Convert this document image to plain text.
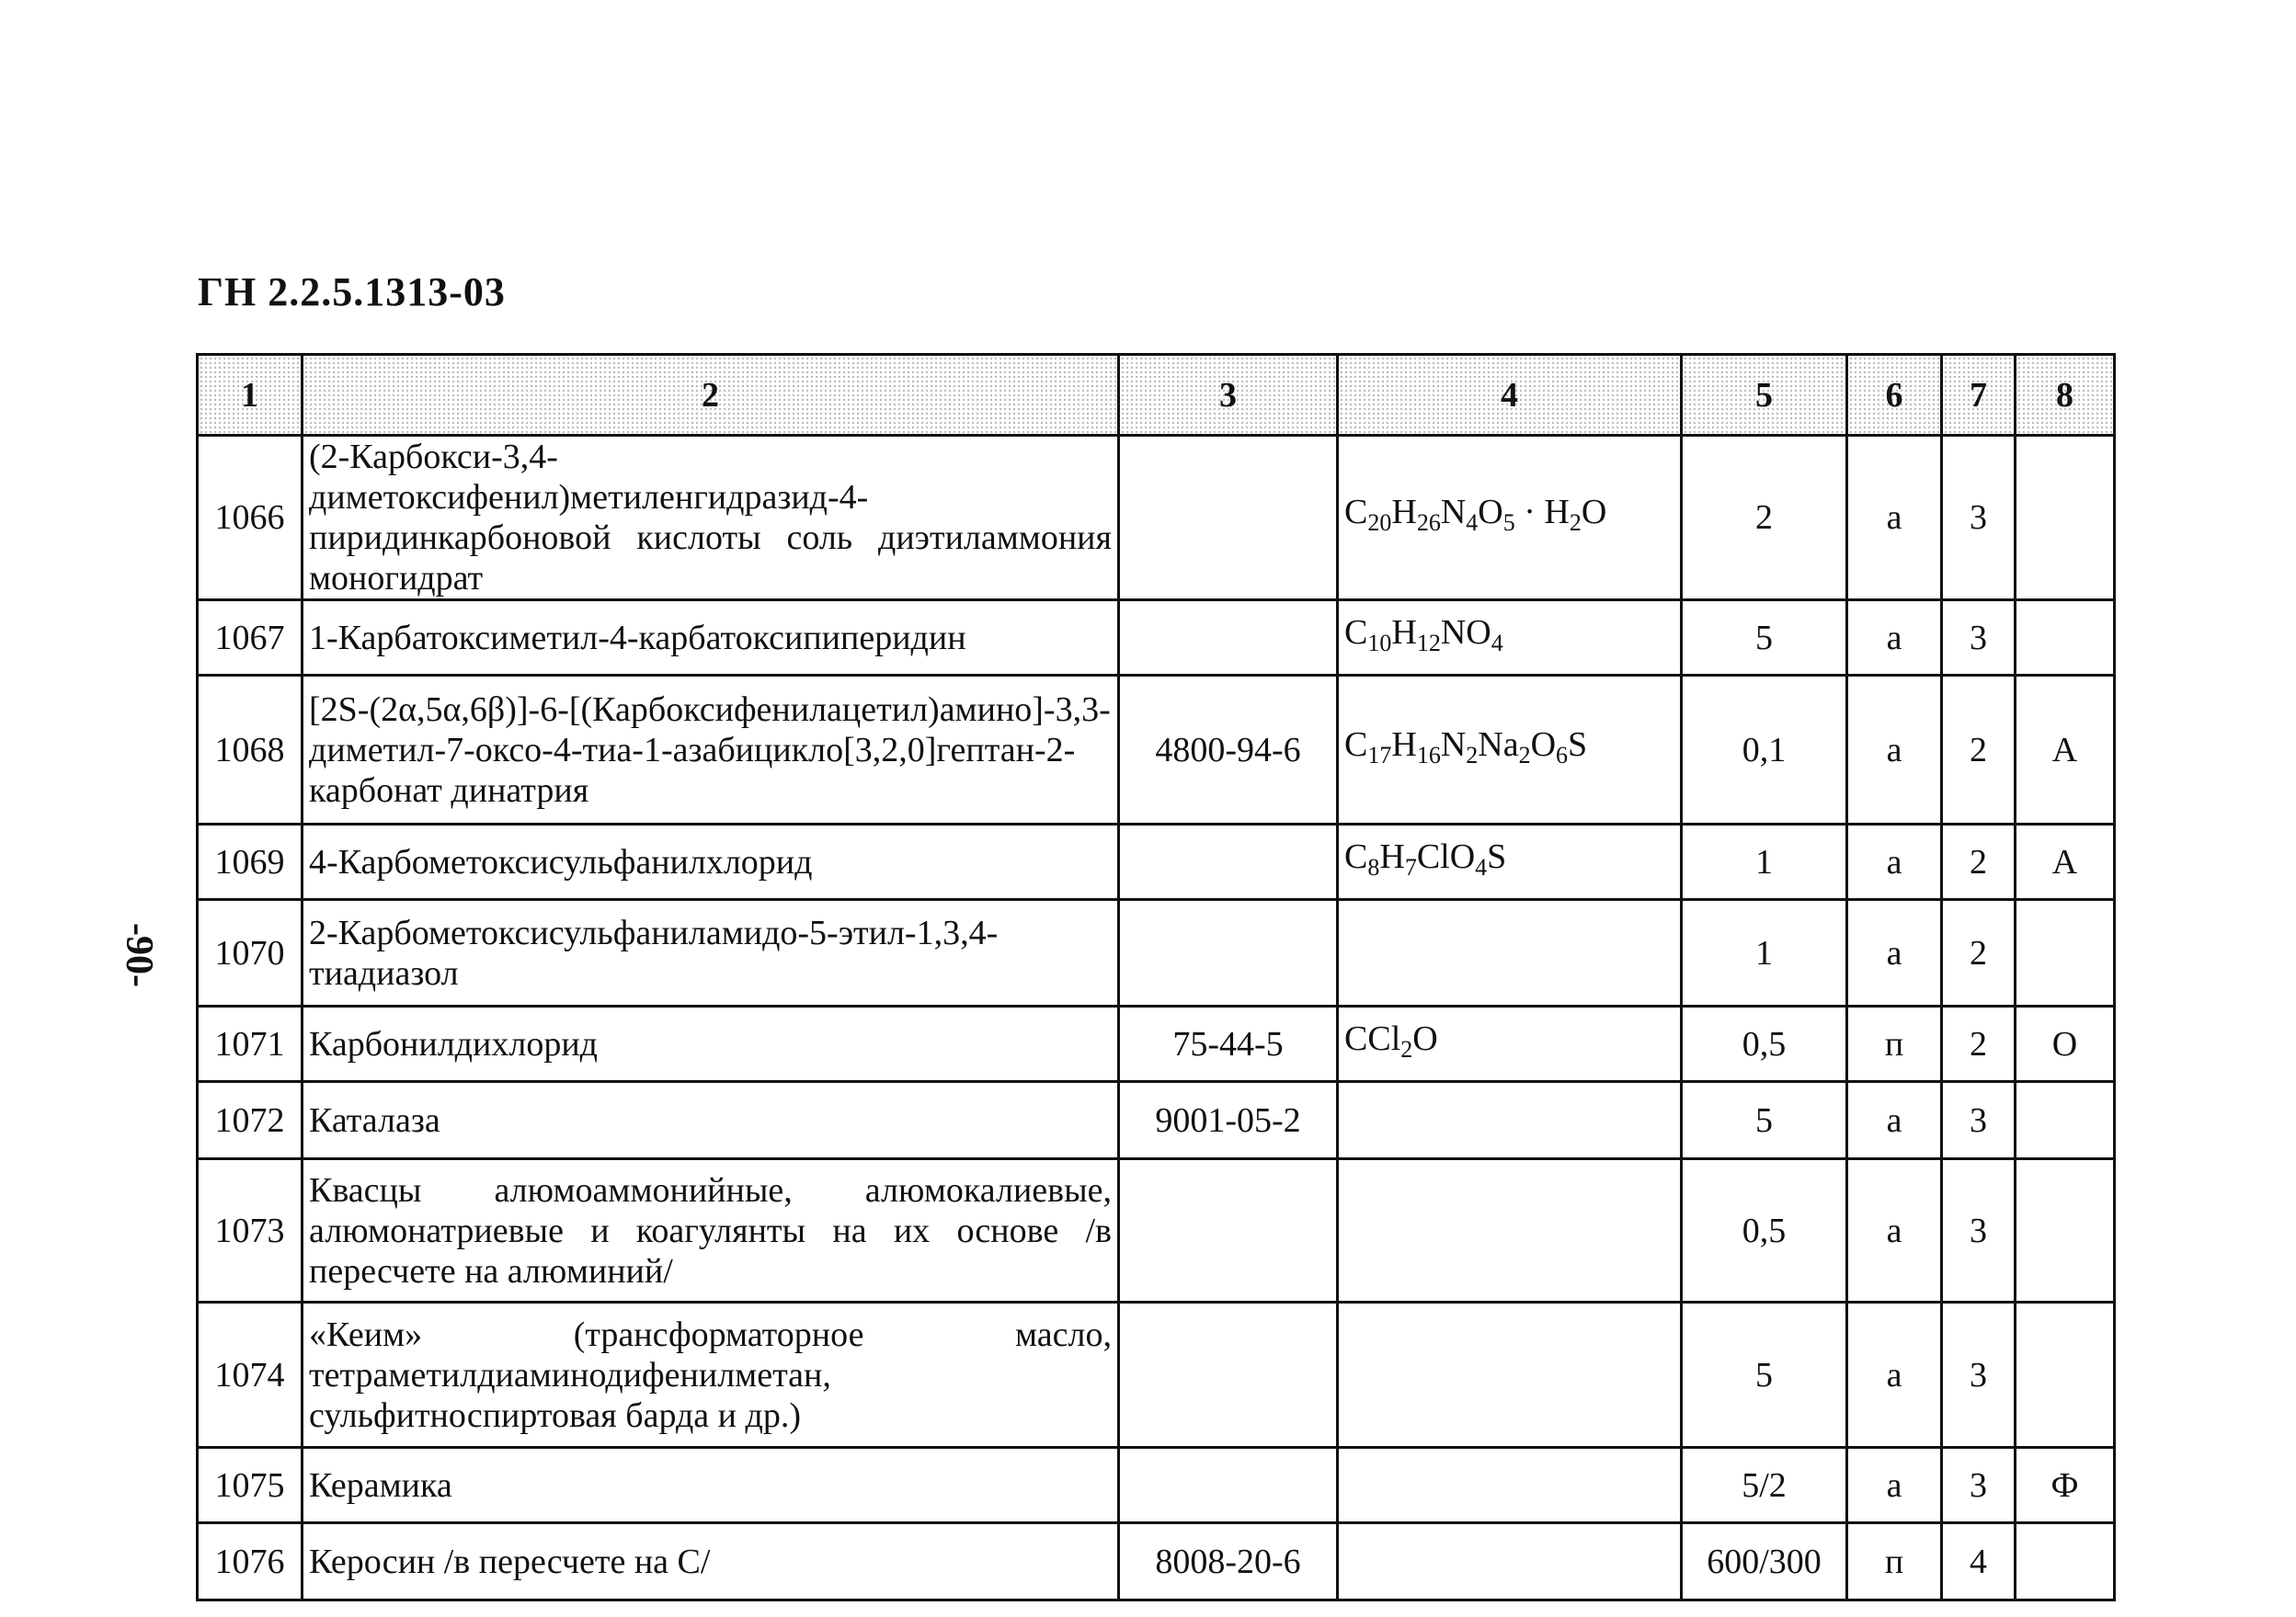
ГН 2.2.5.1313-03
-90-
1	2	3	4	5	6	7	8
1066	(2-Карбокси-3,4-диметоксифенил)метиленгидразид-4-пиридинкарбоновой кислоты соль диэтиламмония моногидрат		$C_{20}H_{26}N_4O_5 \cdot H_2O$	2	а	3	
1067	1-Карбатоксиметил-4-карбатоксипиперидин		$C_{10}H_{12}NO_4$	5	а	3	
1068	[2S-(2α,5α,6β)]-6-[(Карбоксифенилацетил)амино]-3,3-диметил-7-оксо-4-тиа-1-азабицикло[3,2,0]гептан-2-карбонат динатрия	4800-94-6	$C_{17}H_{16}N_2Na_2O_6S$	0,1	а	2	А
1069	4-Карбометоксисульфанилхлорид		$C_8H_7ClO_4S$	1	а	2	А
1070	2-Карбометоксисульфаниламидо-5-этил-1,3,4-тиадиазол			1	а	2	
1071	Карбонилдихлорид	75-44-5	CCl$_2$O	0,5	п	2	О
1072	Каталаза	9001-05-2		5	а	3	
1073	Квасцы алюмоаммонийные, алюмокалиевые, алюмонатриевые и коагулянты на их основе /в пересчете на алюминий/			0,5	а	3	
1074	«Кеим» (трансформаторное масло, тетраметилдиаминодифенилметан, сульфитноспиртовая барда и др.)			5	а	3	
1075	Керамика			5/2	а	3	Ф
1076	Керосин /в пересчете на С/	8008-20-6		600/300	п	4	
